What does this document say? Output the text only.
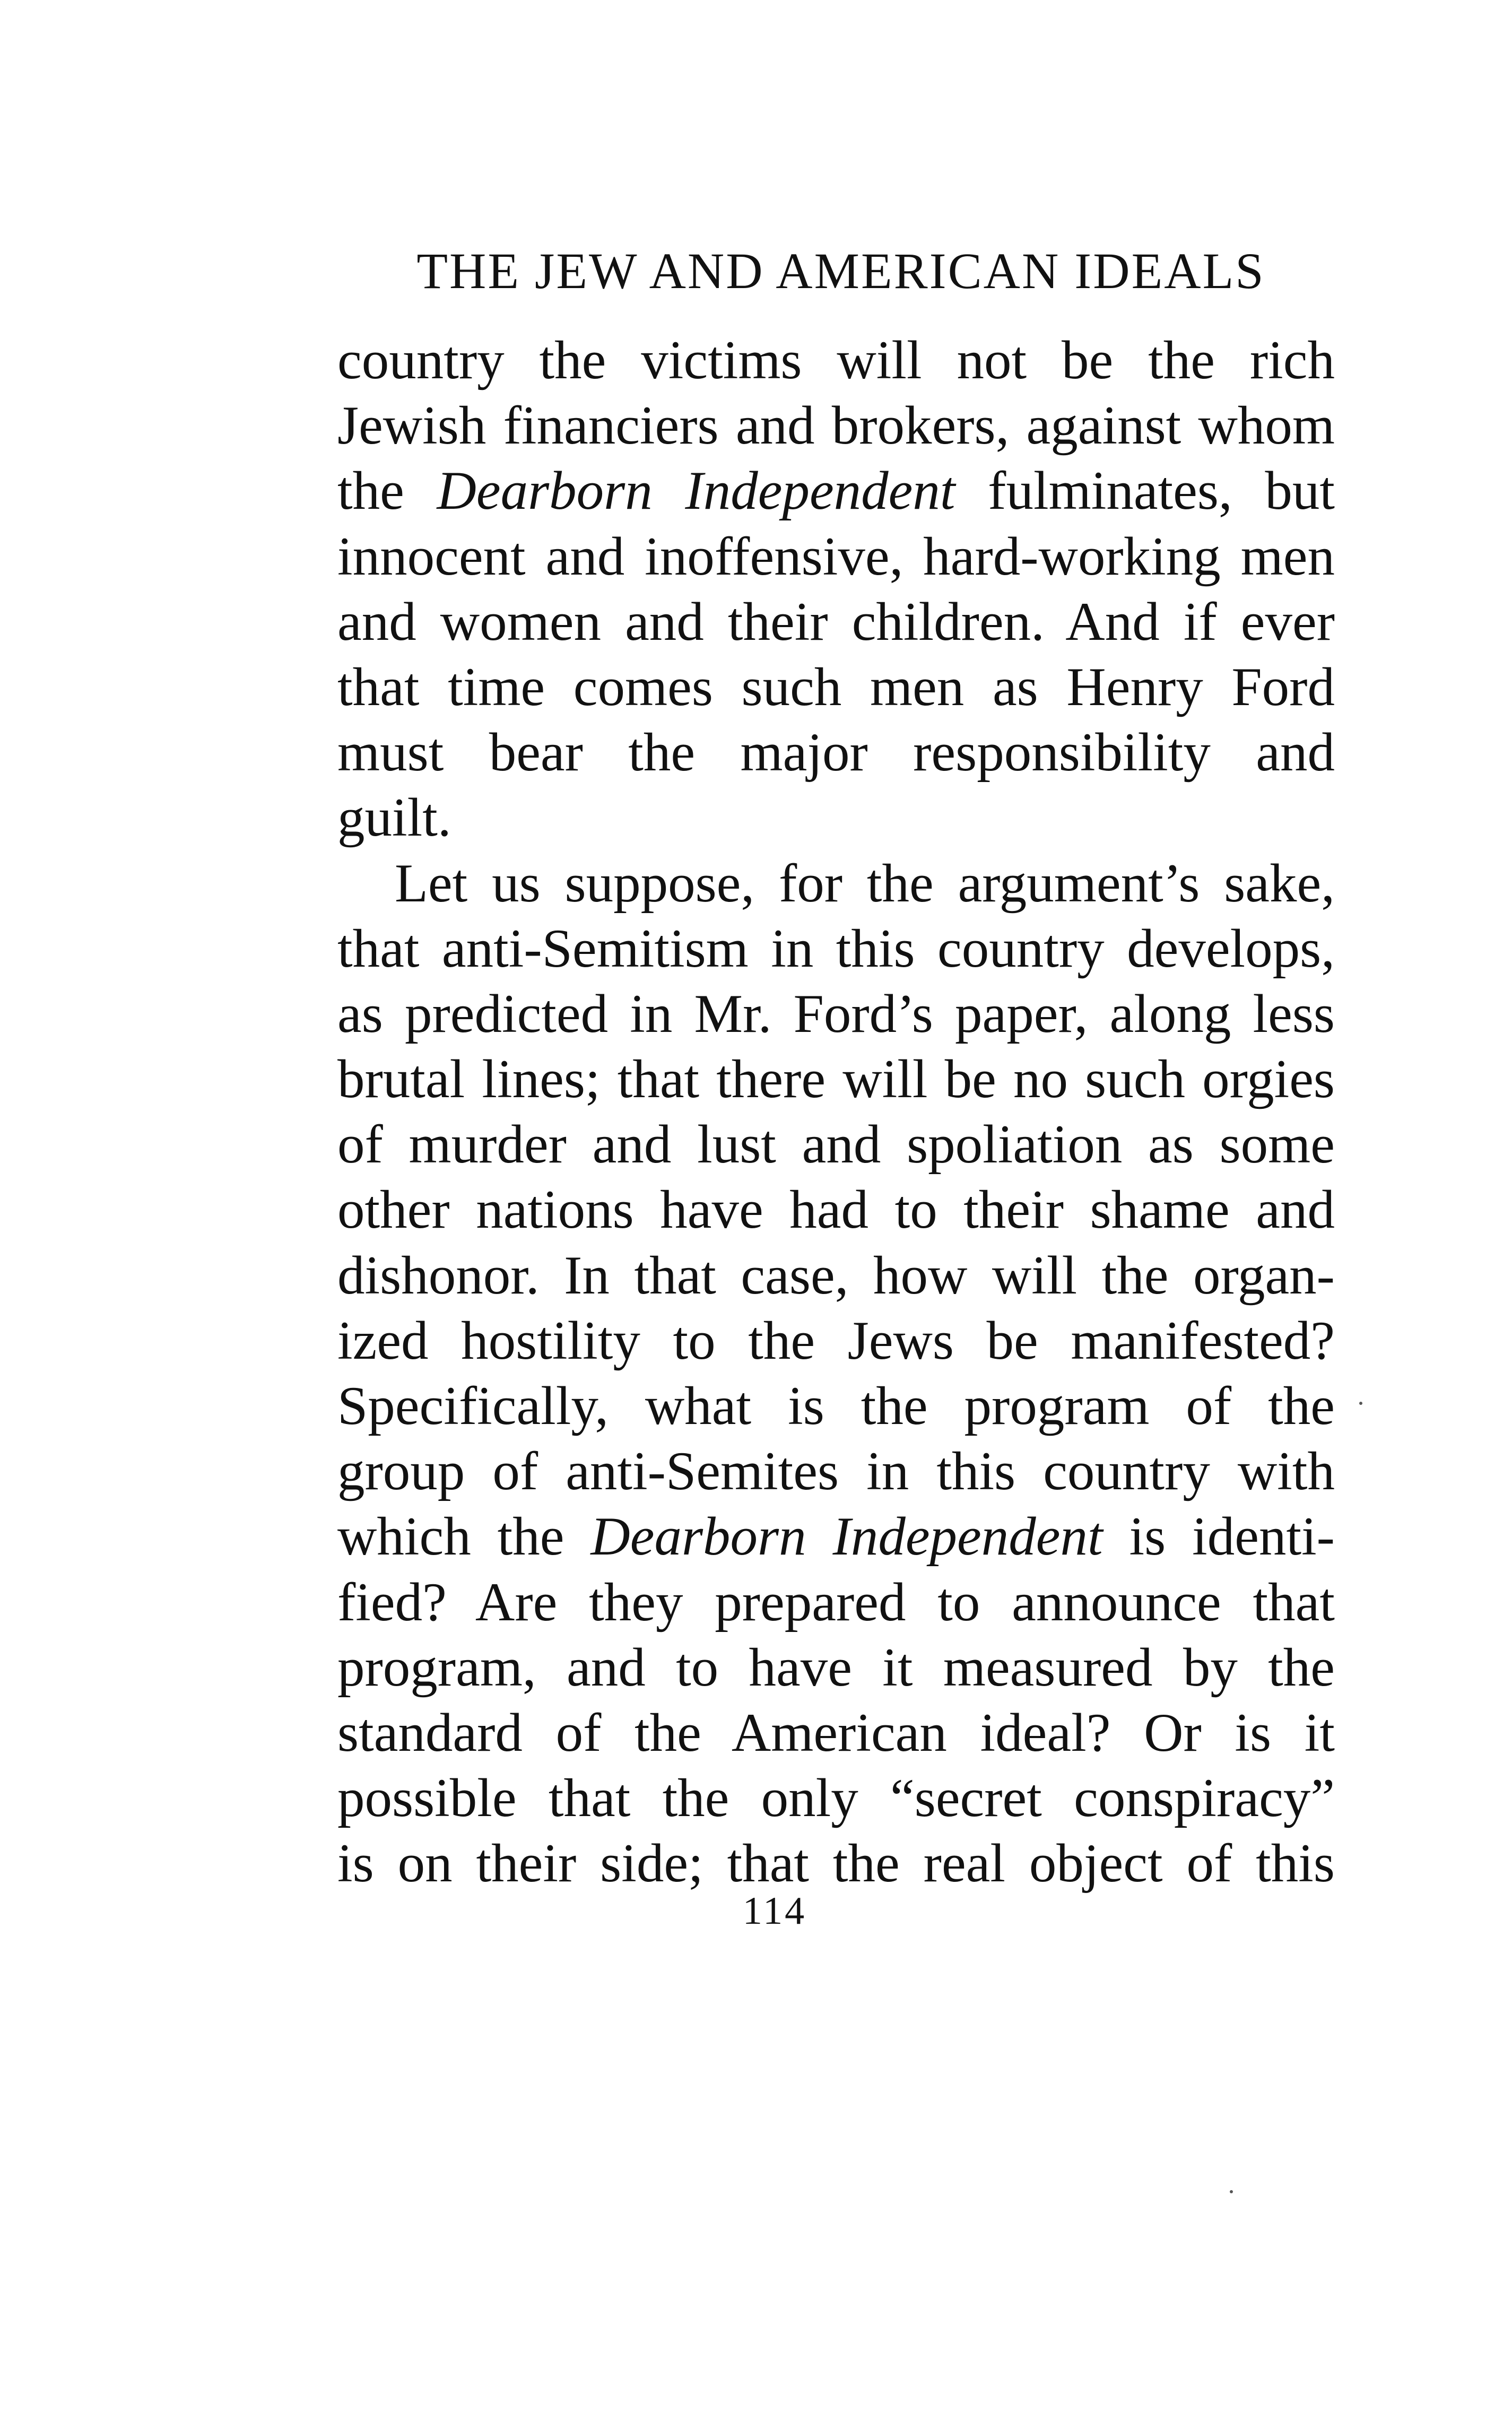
THE JEW AND AMERICAN IDEALS
country the victims will not be the rich
Jewish financiers and brokers, against whom
the Dearborn Independent fulminates, but
innocent and inoffensive, hard-working men
and women and their children. And if ever
that time comes such men as Henry Ford
must bear the major responsibility and
guilt.
Let us suppose, for the argument’s sake,
that anti-Semitism in this country develops,
as predicted in Mr. Ford’s paper, along less
brutal lines; that there will be no such orgies
of murder and lust and spoliation as some
other nations have had to their shame and
dishonor. In that case, how will the organ-
ized hostility to the Jews be manifested?
Specifically, what is the program of the
group of anti-Semites in this country with
which the Dearborn Independent is identi-
fied? Are they prepared to announce that
program, and to have it measured by the
standard of the American ideal? Or is it
possible that the only “secret conspiracy”
is on their side; that the real object of this
114
